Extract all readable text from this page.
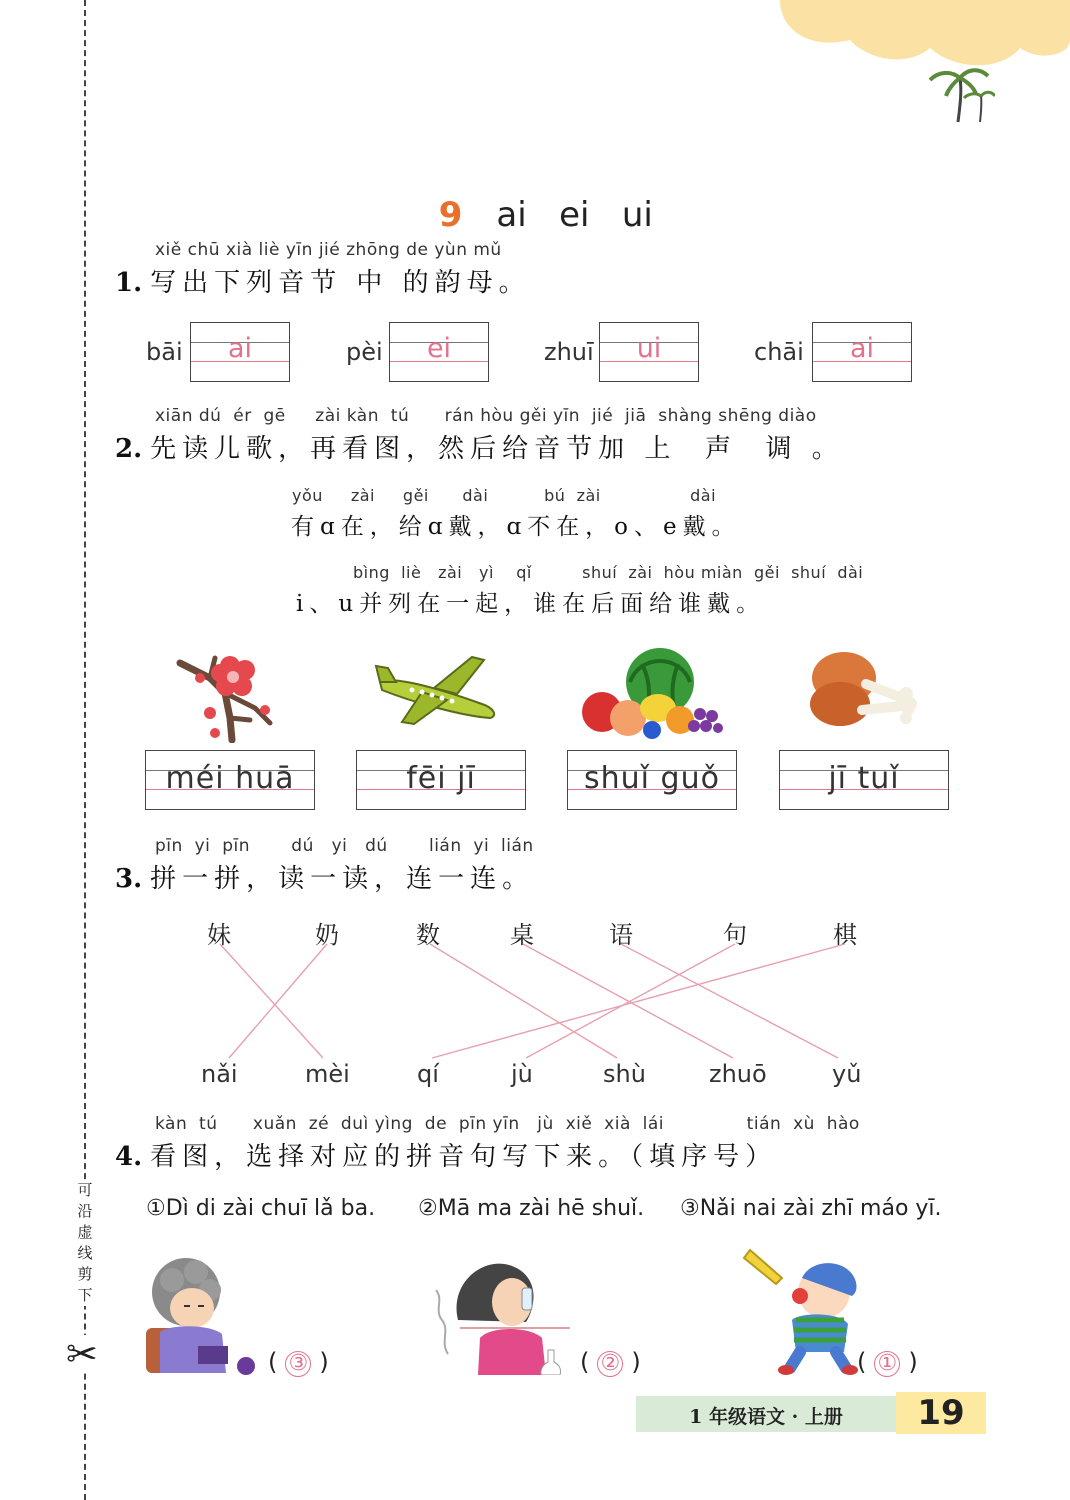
可沿虚线剪下
✂

9 ai   ei   ui

xiě chū xià liè yīn jié zhōng de yùn mǔ
1. 写出下列音节 中 的韵母。
bāi	ai	pèi	ei	zhuī	ui	chāi	ai
xiān dú  ér  gē     zài kàn  tú      rán hòu gěi yīn  jié  jiā  shàng shēng diào
2. 先读儿歌，再看图，然后给音节加 上  声  调 。
yǒu     zài     gěi      dài          bú  zài                dài
有ɑ在，给ɑ戴，ɑ不在，o、e戴。
bìng  liè   zài   yì    qǐ         shuí  zài  hòu miàn  gěi  shuí  dài
i、u并列在一起，谁在后面给谁戴。
méi huā	fēi jī	shuǐ guǒ	jī tuǐ
pīn  yi  pīn       dú   yi   dú       lián  yi  lián
3. 拼一拼，读一读，连一连。
妹	奶	数	桌	语	句	棋
nǎi	mèi	qí	jù	shù	zhuō	yǔ
kàn  tú      xuǎn  zé  duì yìng  de  pīn yīn   jù  xiě  xià  lái              tián  xù  hào
4. 看图，选择对应的拼音句写下来。（填序号）
①Dì di zài chuī lǎ ba. ②Mā ma zài hē shuǐ. ③Nǎi nai zài zhī máo yī.
( ③ )	( ② )	( ① )
1 年级语文 · 上册	19
